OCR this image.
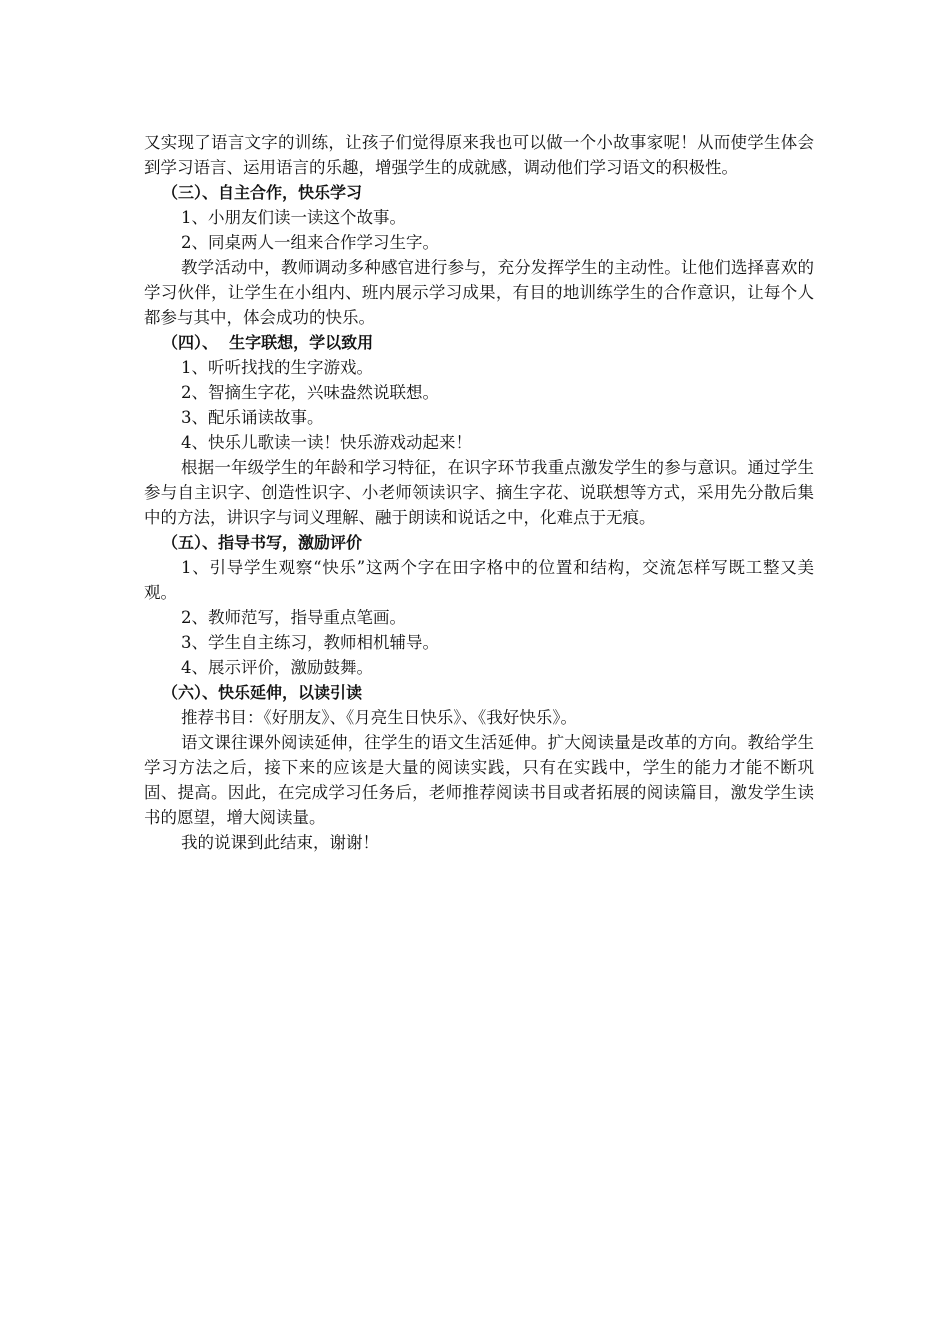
又实现了语言文字的训练，让孩子们觉得原来我也可以做一个小故事家呢！从而使学生体会到学习语言、运用语言的乐趣，增强学生的成就感，调动他们学习语文的积极性。

（三）、自主合作，快乐学习

1、小朋友们读一读这个故事。

2、同桌两人一组来合作学习生字。

教学活动中，教师调动多种感官进行参与，充分发挥学生的主动性。让他们选择喜欢的学习伙伴，让学生在小组内、班内展示学习成果，有目的地训练学生的合作意识，让每个人都参与其中，体会成功的快乐。

（四）、  生字联想，学以致用

1、听听找找的生字游戏。

2、智摘生字花，兴味盎然说联想。

3、配乐诵读故事。

4、快乐儿歌读一读！快乐游戏动起来！

根据一年级学生的年龄和学习特征，在识字环节我重点激发学生的参与意识。通过学生参与自主识字、创造性识字、小老师领读识字、摘生字花、说联想等方式，采用先分散后集中的方法，讲识字与词义理解、融于朗读和说话之中，化难点于无痕。

（五）、指导书写，激励评价

1、引导学生观察“快乐”这两个字在田字格中的位置和结构，交流怎样写既工整又美观。

2、教师范写，指导重点笔画。

3、学生自主练习，教师相机辅导。

4、展示评价，激励鼓舞。

（六）、快乐延伸，以读引读

推荐书目：《好朋友》、《月亮生日快乐》、《我好快乐》。

语文课往课外阅读延伸，往学生的语文生活延伸。扩大阅读量是改革的方向。教给学生学习方法之后，接下来的应该是大量的阅读实践，只有在实践中，学生的能力才能不断巩固、提高。因此，在完成学习任务后，老师推荐阅读书目或者拓展的阅读篇目，激发学生读书的愿望，增大阅读量。

我的说课到此结束，谢谢！
